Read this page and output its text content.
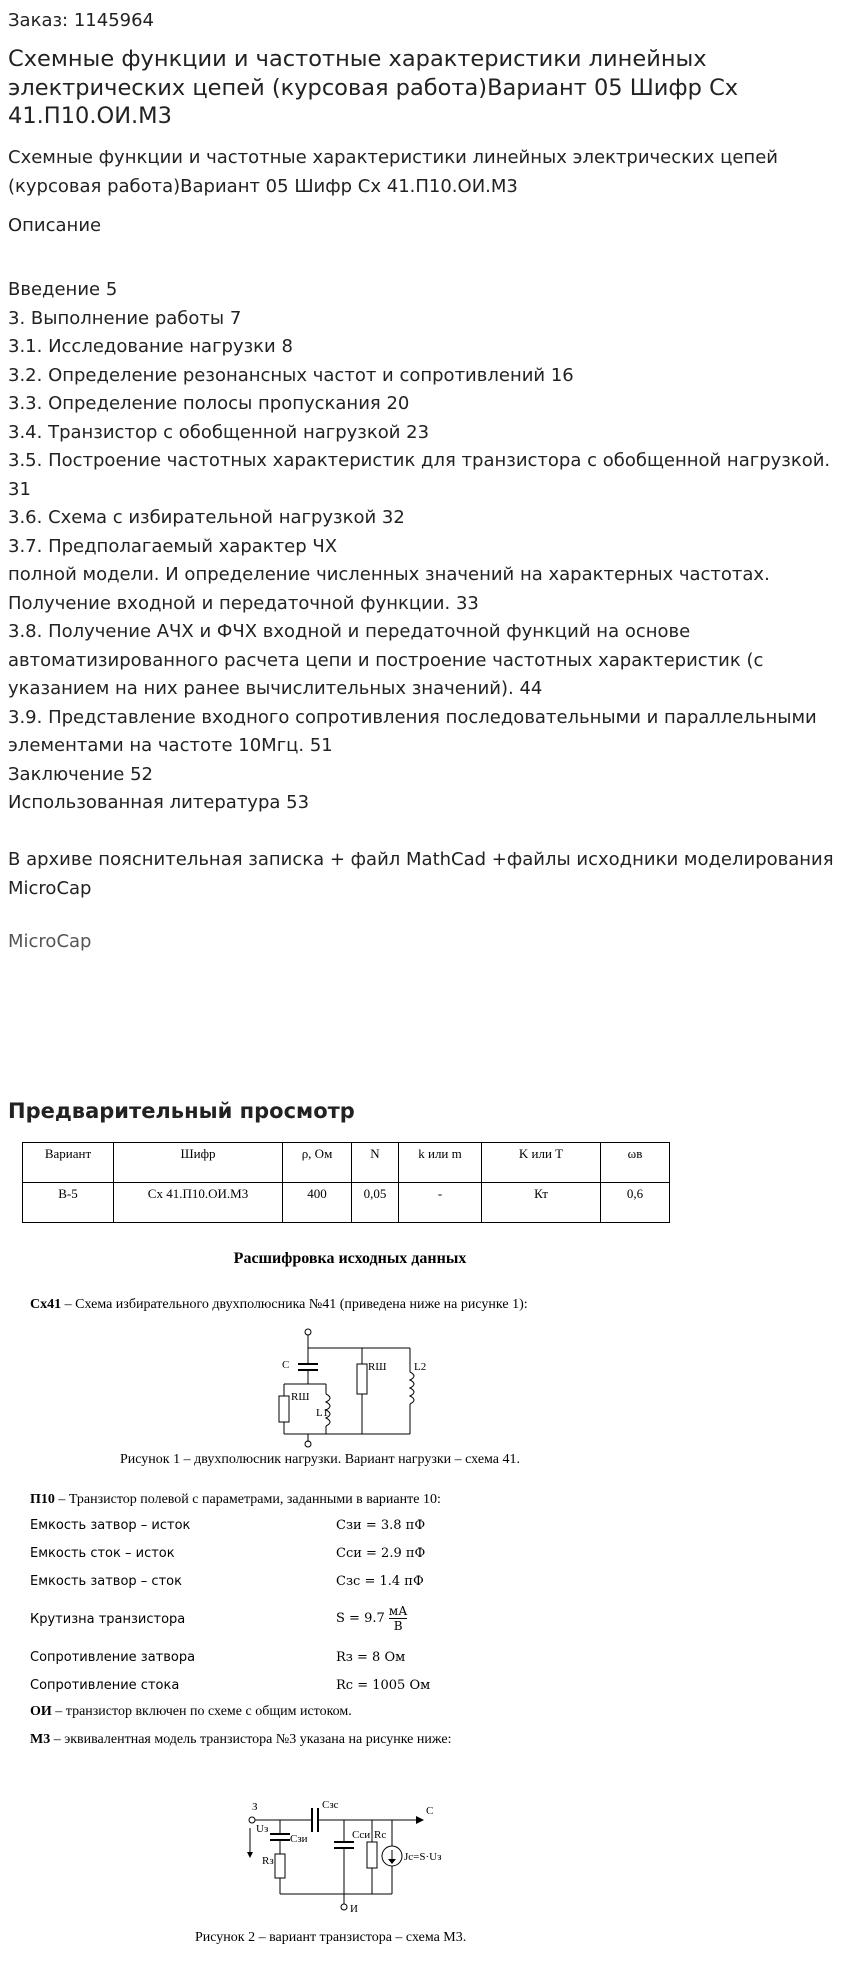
Заказ: 1145964
Схемные функции и частотные характеристики линейных электрических цепей (курсовая работа)Вариант 05 Шифр Сх 41.П10.ОИ.М3
Схемные функции и частотные характеристики линейных электрических цепей (курсовая работа)Вариант 05 Шифр Сх 41.П10.ОИ.М3
Описание
Введение 5
3. Выполнение работы 7
3.1. Исследование нагрузки 8
3.2. Определение резонансных частот и сопротивлений 16
3.3. Определение полосы пропускания 20
3.4. Транзистор с обобщенной нагрузкой 23
3.5. Построение частотных характеристик для транзистора с обобщенной нагрузкой. 31
3.6. Схема с избирательной нагрузкой 32
3.7. Предполагаемый характер ЧХ
полной модели. И определение численных значений на характерных частотах. Получение входной и передаточной функции. 33
3.8. Получение АЧХ и ФЧХ входной и передаточной функций на основе автоматизированного расчета цепи и построение частотных характеристик (с указанием на них ранее вычислительных значений). 44
3.9. Представление входного сопротивления последовательными и параллельными элементами на частоте 10Мгц. 51
Заключение 52
Использованная литература 53
В архиве пояснительная записка + файл MathCad +файлы исходники моделирования MicroCap
MicroCap
Предварительный просмотр
Вариант	Шифр	ρ, Ом	N	k или m	K или T	ωв
В-5	Сх 41.П10.ОИ.М3	400	0,05	-	Кт	0,6
Расшифровка исходных данных
Сх41 – Схема избирательного двухполюсника №41 (приведена ниже на рисунке 1):
C
RШ
L1
RШ	L2
Рисунок 1 – двухполюсник нагрузки. Вариант нагрузки – схема 41.
П10 – Транзистор полевой с параметрами, заданными в варианте 10:
Емкость затвор – исток	Cзи = 3.8 пФ
Емкость сток – исток	Cси = 2.9 пФ
Емкость затвор – сток	Cзс = 1.4 пФ
Крутизна транзистора	$S = 9.7 \frac{мА}{В}$
Сопротивление затвора	Rз = 8 Ом
Сопротивление стока	Rс = 1005 Ом
ОИ – транзистор включен по схеме с общим истоком.
М3 – эквивалентная модель транзистора №3 указана на рисунке ниже:
З	Cзс	C
Uз
Cзи
Rз
Cси Rс
Jc=S·Uз
И
Рисунок 2 – вариант транзистора – схема М3.
